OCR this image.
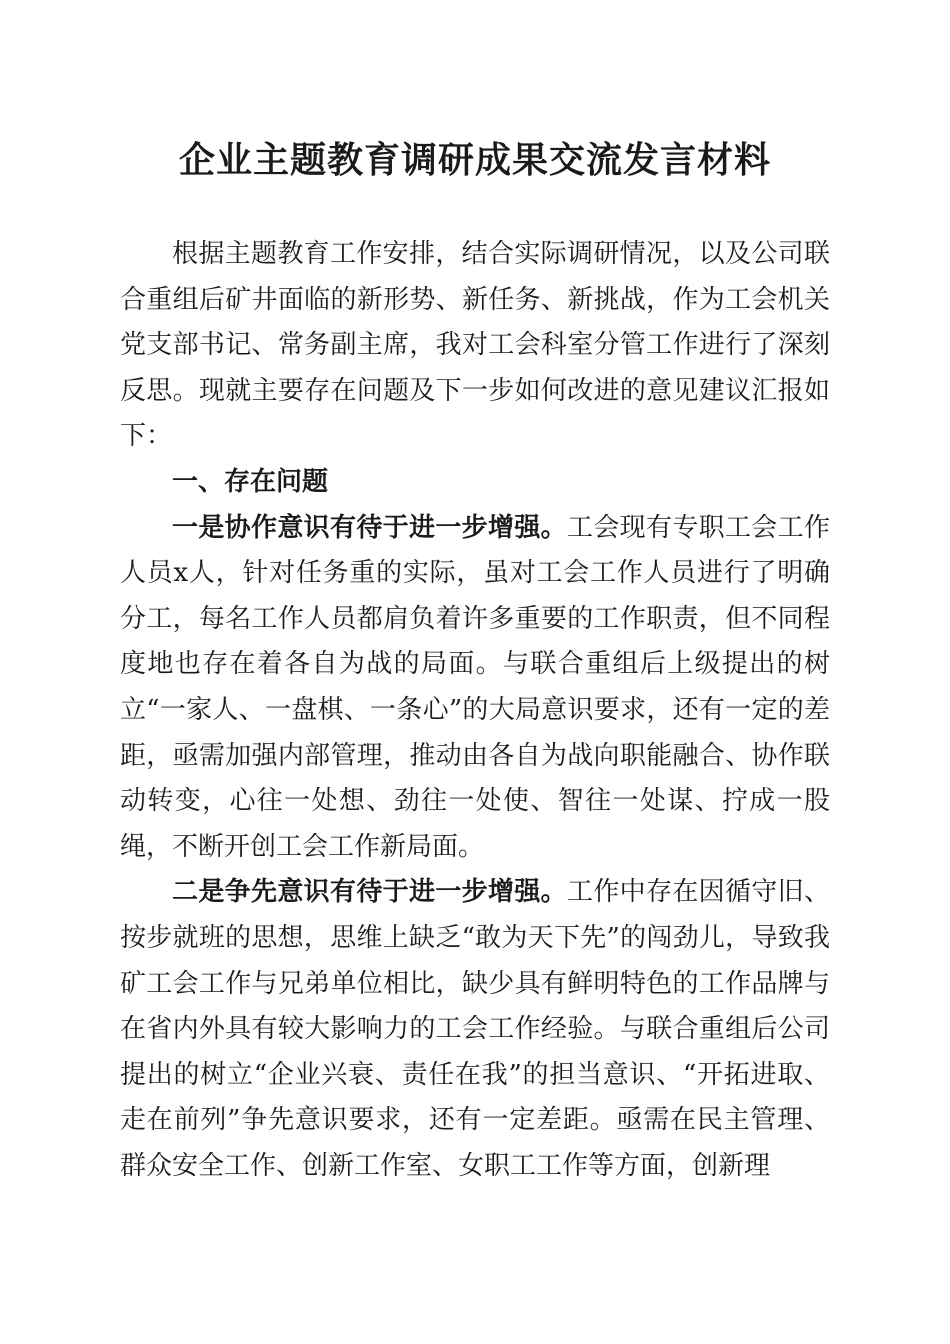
企业主题教育调研成果交流发言材料

根据主题教育工作安排，结合实际调研情况，以及公司联合重组后矿井面临的新形势、新任务、新挑战，作为工会机关党支部书记、常务副主席，我对工会科室分管工作进行了深刻反思。现就主要存在问题及下一步如何改进的意见建议汇报如下：

一、存在问题

一是协作意识有待于进一步增强。工会现有专职工会工作人员x人，针对任务重的实际，虽对工会工作人员进行了明确分工，每名工作人员都肩负着许多重要的工作职责，但不同程度地也存在着各自为战的局面。与联合重组后上级提出的树立“一家人、一盘棋、一条心”的大局意识要求，还有一定的差距，亟需加强内部管理，推动由各自为战向职能融合、协作联动转变，心往一处想、劲往一处使、智往一处谋、拧成一股绳，不断开创工会工作新局面。

二是争先意识有待于进一步增强。工作中存在因循守旧、按步就班的思想，思维上缺乏“敢为天下先”的闯劲儿，导致我矿工会工作与兄弟单位相比，缺少具有鲜明特色的工作品牌与在省内外具有较大影响力的工会工作经验。与联合重组后公司提出的树立“企业兴衰、责任在我”的担当意识、“开拓进取、走在前列”争先意识要求，还有一定差距。亟需在民主管理、群众安全工作、创新工作室、女职工工作等方面，创新理
